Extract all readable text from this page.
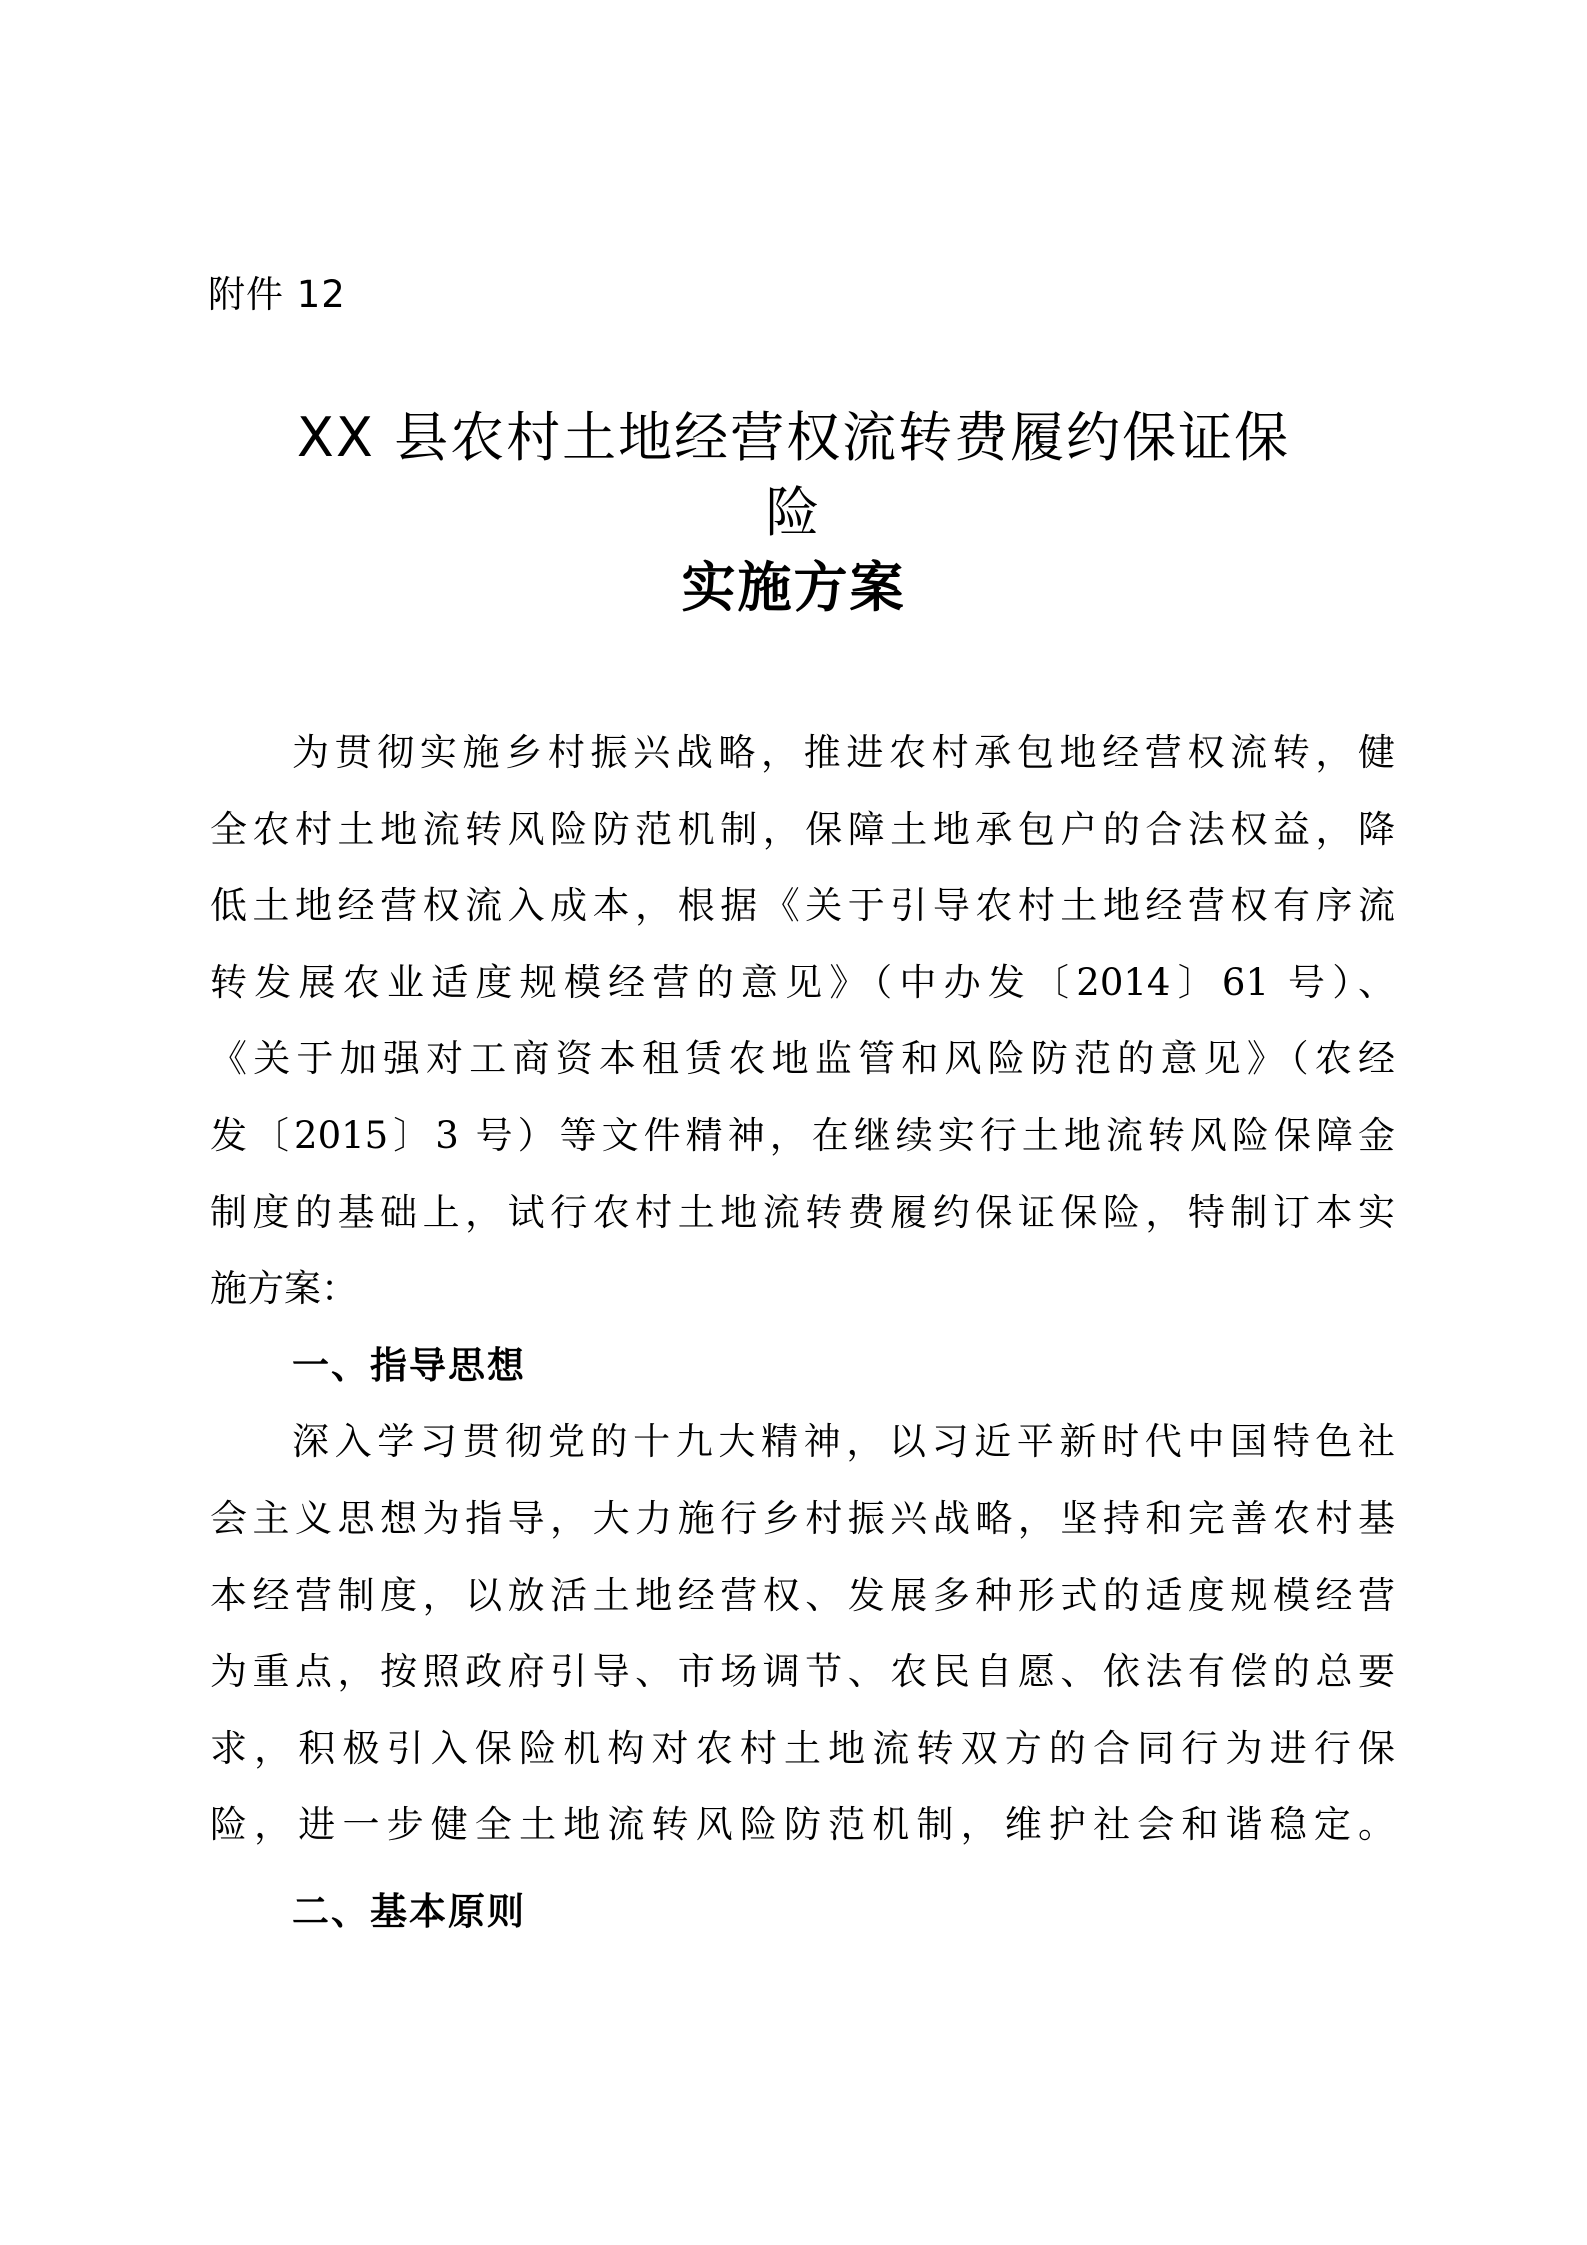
附件 12
XX 县农村土地经营权流转费履约保证保
险
实施方案
为贯彻实施乡村振兴战略，推进农村承包地经营权流转，健
全农村土地流转风险防范机制，保障土地承包户的合法权益，降
低土地经营权流入成本，根据《关于引导农村土地经营权有序流
转发展农业适度规模经营的意见》（中办发〔2014〕61 号）、
《关于加强对工商资本租赁农地监管和风险防范的意见》（农经
发〔2015〕3 号）等文件精神，在继续实行土地流转风险保障金
制度的基础上，试行农村土地流转费履约保证保险，特制订本实
施方案：
一、指导思想
深入学习贯彻党的十九大精神，以习近平新时代中国特色社
会主义思想为指导，大力施行乡村振兴战略，坚持和完善农村基
本经营制度，以放活土地经营权、发展多种形式的适度规模经营
为重点，按照政府引导、市场调节、农民自愿、依法有偿的总要
求，积极引入保险机构对农村土地流转双方的合同行为进行保
险，进一步健全土地流转风险防范机制，维护社会和谐稳定。
二、基本原则
